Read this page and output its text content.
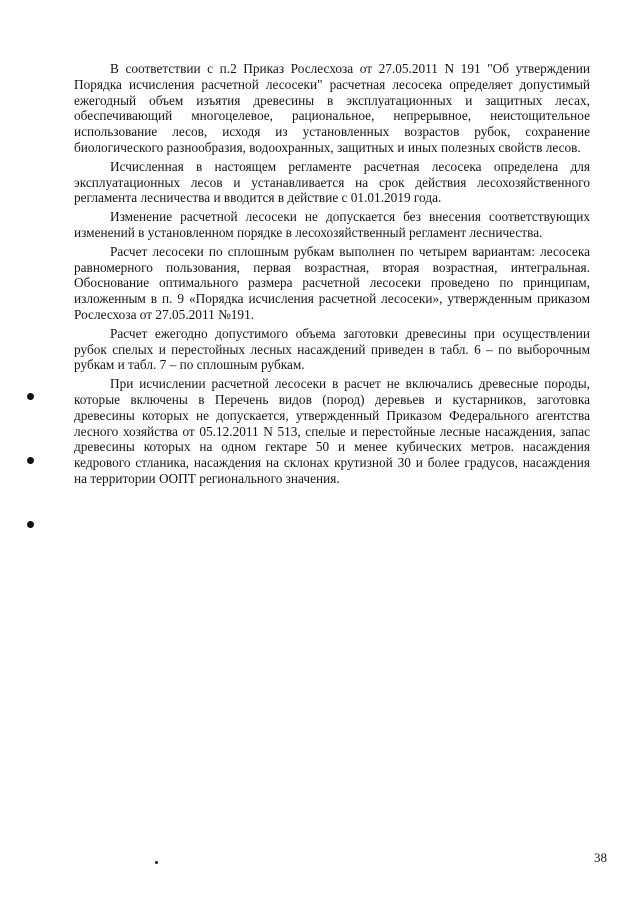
В соответствии с п.2 Приказ Рослесхоза от 27.05.2011 N 191 "Об утверждении Порядка исчисления расчетной лесосеки" расчетная лесосека определяет допустимый ежегодный объем изъятия древесины в эксплуатационных и защитных лесах, обеспечивающий многоцелевое, рациональное, непрерывное, неистощительное использование лесов, исходя из установленных возрастов рубок, сохранение биологического разнообразия, водоохранных, защитных и иных полезных свойств лесов.

Исчисленная в настоящем регламенте расчетная лесосека определена для эксплуатационных лесов и устанавливается на срок действия лесохозяйственного регламента лесничества и вводится в действие с 01.01.2019 года.

Изменение расчетной лесосеки не допускается без внесения соответствующих изменений в установленном порядке в лесохозяйственный регламент лесничества.

Расчет лесосеки по сплошным рубкам выполнен по четырем вариантам: лесосека равномерного пользования, первая возрастная, вторая возрастная, интегральная. Обоснование оптимального размера расчетной лесосеки проведено по принципам, изложенным в п. 9 «Порядка исчисления расчетной лесосеки», утвержденным приказом Рослесхоза от 27.05.2011 №191.

Расчет ежегодно допустимого объема заготовки древесины при осуществлении рубок спелых и перестойных лесных насаждений приведен в табл. 6 – по выборочным рубкам и табл. 7 – по сплошным рубкам.

При исчислении расчетной лесосеки в расчет не включались древесные породы, которые включены в Перечень видов (пород) деревьев и кустарников, заготовка древесины которых не допускается, утвержденный Приказом Федерального агентства лесного хозяйства от 05.12.2011 N 513, спелые и перестойные лесные насаждения, запас древесины которых на одном гектаре 50 и менее кубических метров. насаждения кедрового стланика, насаждения на склонах крутизной 30 и более градусов, насаждения на территории ООПТ регионального значения.

38
